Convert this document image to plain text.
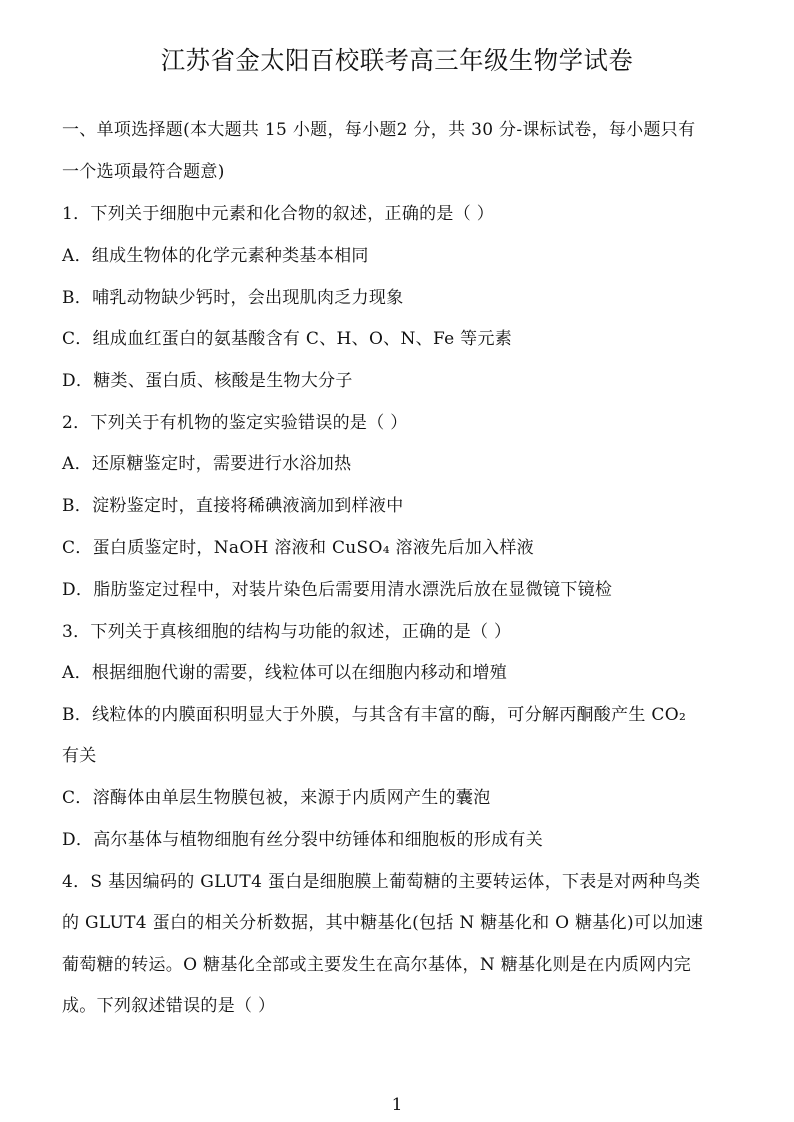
江苏省金太阳百校联考高三年级生物学试卷
一、单项选择题(本大题共 15 小题，每小题2 分，共 30 分-课标试卷，每小题只有
一个选项最符合题意)
1．下列关于细胞中元素和化合物的叙述，正确的是（ ）
A．组成生物体的化学元素种类基本相同
B．哺乳动物缺少钙时，会出现肌肉乏力现象
C．组成血红蛋白的氨基酸含有 C、H、O、N、Fe 等元素
D．糖类、蛋白质、核酸是生物大分子
2．下列关于有机物的鉴定实验错误的是（ ）
A．还原糖鉴定时，需要进行水浴加热
B．淀粉鉴定时，直接将稀碘液滴加到样液中
C．蛋白质鉴定时，NaOH 溶液和 CuSO₄ 溶液先后加入样液
D．脂肪鉴定过程中，对装片染色后需要用清水漂洗后放在显微镜下镜检
3．下列关于真核细胞的结构与功能的叙述，正确的是（ ）
A．根据细胞代谢的需要，线粒体可以在细胞内移动和增殖
B．线粒体的内膜面积明显大于外膜，与其含有丰富的酶，可分解丙酮酸产生 CO₂
有关
C．溶酶体由单层生物膜包被，来源于内质网产生的囊泡
D．高尔基体与植物细胞有丝分裂中纺锤体和细胞板的形成有关
4．S 基因编码的 GLUT4 蛋白是细胞膜上葡萄糖的主要转运体，下表是对两种鸟类
的 GLUT4 蛋白的相关分析数据，其中糖基化(包括 N 糖基化和 O 糖基化)可以加速
葡萄糖的转运。O 糖基化全部或主要发生在高尔基体，N 糖基化则是在内质网内完
成。下列叙述错误的是（ ）
1
